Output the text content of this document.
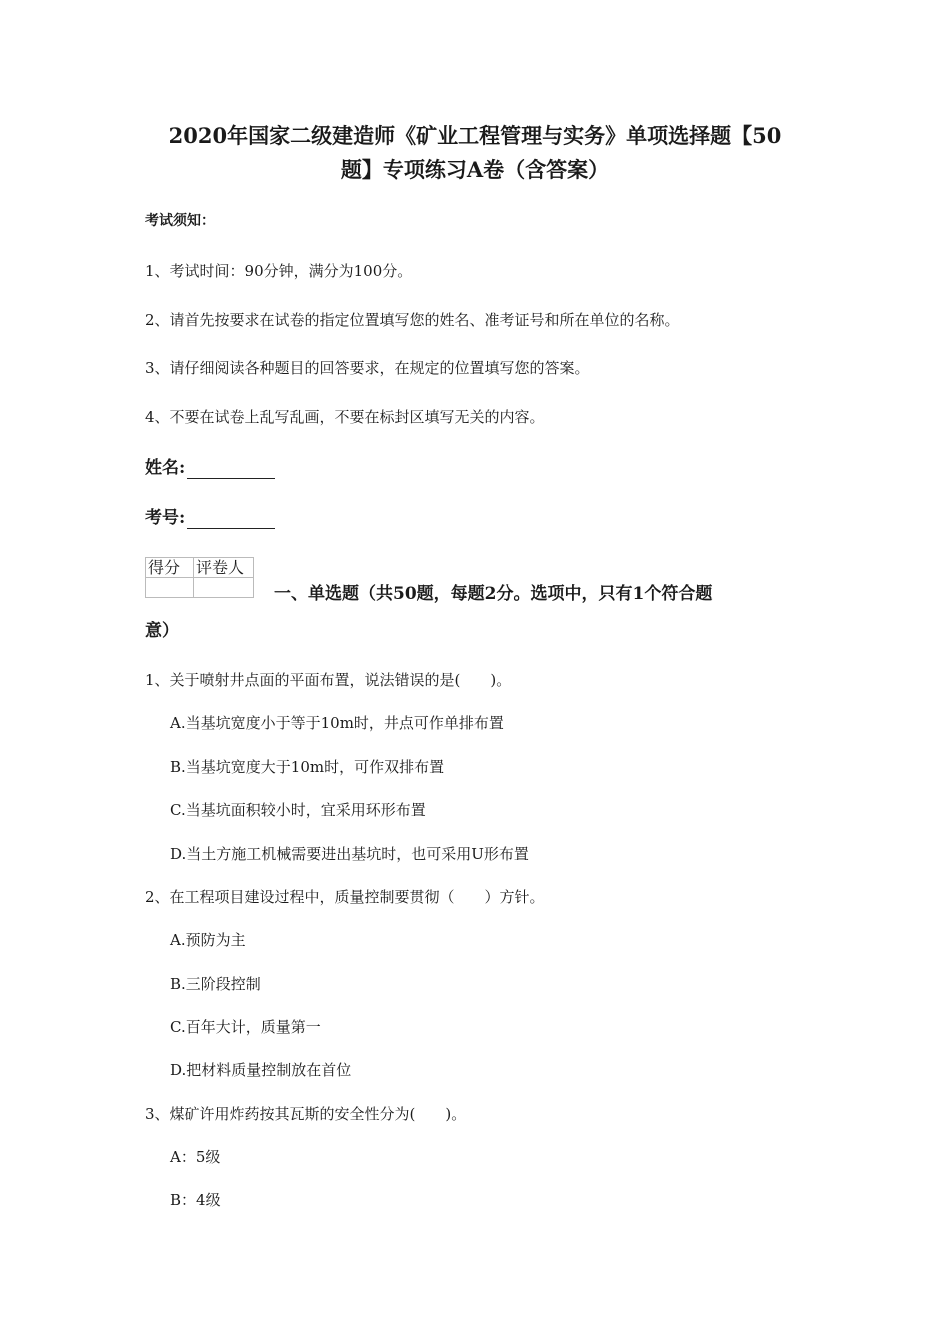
2020年国家二级建造师《矿业工程管理与实务》单项选择题【50
题】专项练习A卷（含答案）
考试须知：
1、考试时间：90分钟，满分为100分。
2、请首先按要求在试卷的指定位置填写您的姓名、准考证号和所在单位的名称。
3、请仔细阅读各种题目的回答要求，在规定的位置填写您的答案。
4、不要在试卷上乱写乱画，不要在标封区填写无关的内容。
姓名:
考号:
得分	评卷人

一、单选题（共50题，每题2分。选项中，只有1个符合题
意）
1、关于喷射井点面的平面布置，说法错误的是(　　)。
A.当基坑宽度小于等于10m时，井点可作单排布置
B.当基坑宽度大于10m时，可作双排布置
C.当基坑面积较小时，宜采用环形布置
D.当土方施工机械需要进出基坑时，也可采用U形布置
2、在工程项目建设过程中，质量控制要贯彻（　　）方针。
A.预防为主
B.三阶段控制
C.百年大计，质量第一
D.把材料质量控制放在首位
3、煤矿许用炸药按其瓦斯的安全性分为(　　)。
A：5级
B：4级
